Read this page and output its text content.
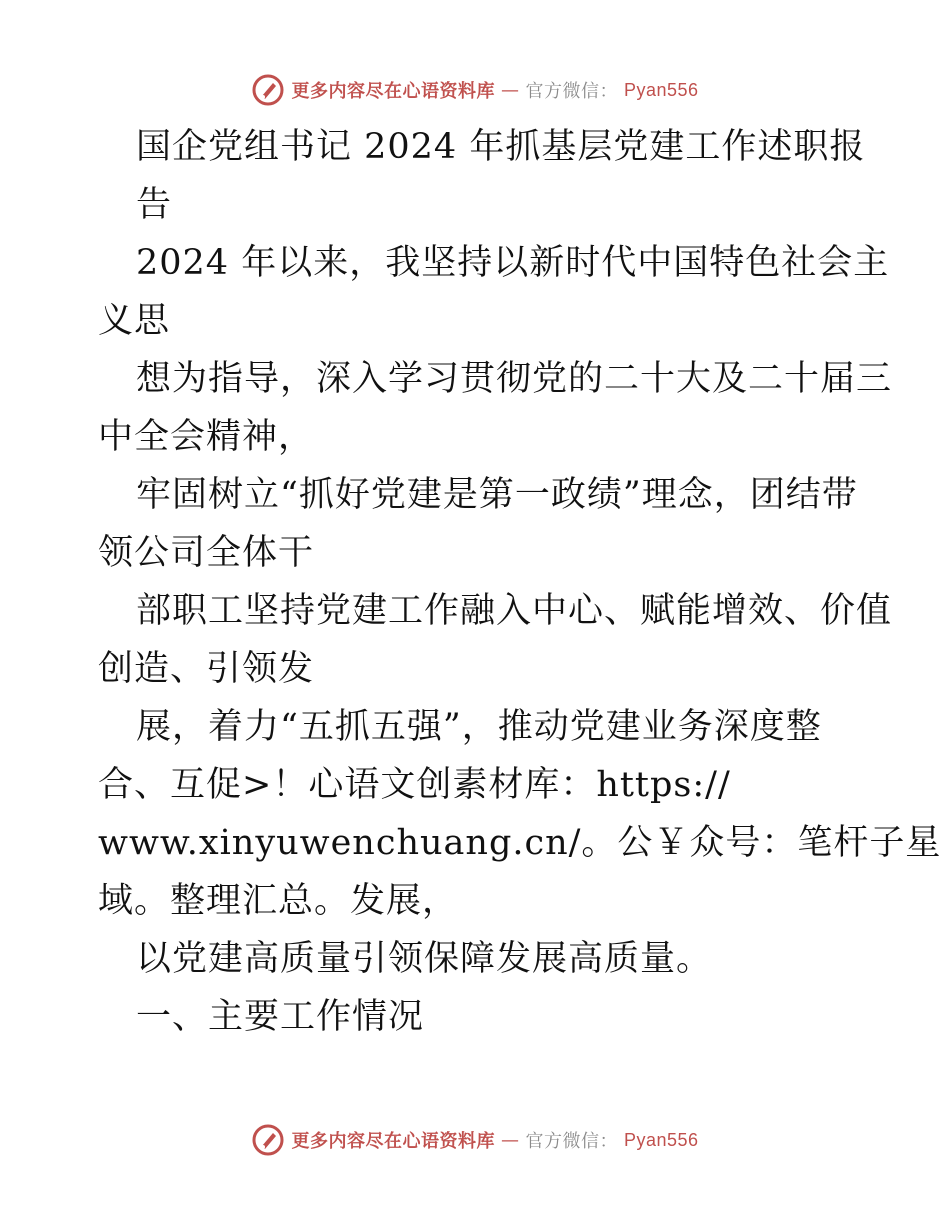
更多内容尽在心语资料库 — 官方微信： Pyan556
国企党组书记 2024 年抓基层党建工作述职报
告
2024 年以来，我坚持以新时代中国特色社会主
义思
想为指导，深入学习贯彻党的二十大及二十届三
中全会精神，
牢固树立“抓好党建是第一政绩”理念，团结带
领公司全体干
部职工坚持党建工作融入中心、赋能增效、价值
创造、引领发
展，着力“五抓五强”，推动党建业务深度整
合、互促>！心语文创素材库：https://
www.xinyuwenchuang.cn/。公￥众号：笔杆子星
域。整理汇总。发展，
以党建高质量引领保障发展高质量。
一、主要工作情况
更多内容尽在心语资料库 — 官方微信： Pyan556
